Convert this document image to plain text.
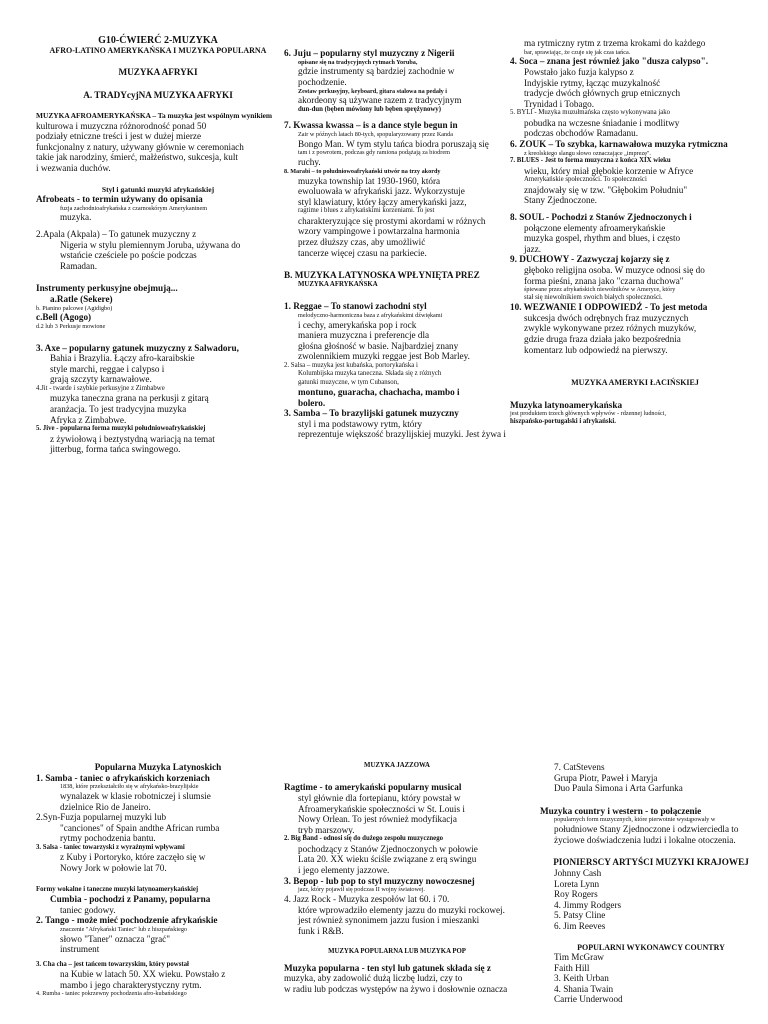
G10-ĆWIERĆ 2-MUZYKA

AFRO-LATINO AMERYKAŃSKA I MUZYKA POPULARNA

MUZYKA AFRYKI

A. TRADYcyjNA MUZYKA AFRYKI

MUZYKA AFROAMERYKAŃSKA – Ta muzyka jest wspólnym wynikiem

kulturowa i muzyczna różnorodność ponad 50

podziały etniczne treści i jest w dużej mierze

funkcjonalny z natury, używany głównie w ceremoniach

takie jak narodziny, śmierć, małżeństwo, sukcesja, kult

i wezwania duchów.

Styl i gatunki muzyki afrykańskiej

Afrobeats - to termin używany do opisania

fuzja zachodnioafrykańska z czarnoskórym Amerykaninem

muzyka.

2.Apala (Akpala) – To gatunek muzyczny z

Nigeria w stylu plemiennym Joruba, używana do

wstańcie cześciele po poście podczas

Ramadan.

Instrumenty perkusyjne obejmują...

a.Ratle (Sekere)

b. Pianino palcowe (Agidigbo)

c.Bell (Agogo)

d.2 lub 3 Perkusje mowione

3. Axe – popularny gatunek muzyczny z Salwadoru,

Bahia i Brazylia. Łączy afro-karaibskie

style marchi, reggae i calypso i

grają szczyty karnawałowe.

4.Jit - twarde i szybkie perkusyjne z Zimbabwe

muzyka taneczna grana na perkusji z gitarą

aranżacja. To jest tradycyjna muzyka

Afryka z Zimbabwe.

5. Jive - popularna forma muzyki południowoafrykańskiej

z żywiołową i beztystydną wariacją na temat

jitterbug, forma tańca swingowego.

6. Juju – popularny styl muzyczny z Nigerii

opisane się na tradycyjnych rytmach Yoruba,

gdzie instrumenty są bardziej zachodnie w

pochodzenie.

Zestaw perkusyjny, keyboard, gitara stalowa na pedały i

akordeony są używane razem z tradycyjnym

dun-dun (bęben mówiony lub bęben sprężynowy)

7. Kwassa kwassa – is a dance style begun in

Zair w późnych latach 80-tych, spopularyzowany przez Kanda

Bongo Man. W tym stylu tańca biodra poruszają się

tam i z powrotem, podczas gdy ramiona podążają za biodrem

ruchy.

8. Marabi – to południowoafrykański utwór na trzy akordy

muzyka township lat 1930-1960, która

ewoluowała w afrykański jazz. Wykorzystuje

styl klawiatury, który łączy amerykański jazz,

ragtime i blues z afrykańskimi korzeniami. To jest

charakteryzujące się prostymi akordami w różnych

wzory vampingowe i powtarzalna harmonia

przez dłuższy czas, aby umożliwić

tancerze więcej czasu na parkiecie.

B. MUZYKA LATYNOSKA WPŁYNIĘTA PREZ

MUZYKA AFRYKAŃSKA

1. Reggae – To stanowi zachodni styl

melodyczno-harmoniczna baza z afrykańskimi dźwiękami

i cechy, amerykańska pop i rock

maniera muzyczna i preferencje dla

głośna głośność w basie. Najbardziej znany

zwolennikiem muzyki reggae jest Bob Marley.

2. Salsa – muzyka jest kubańska, portorykańska i

Kolumbijska muzyka taneczna. Składa się z różnych

gatunki muzyczne, w tym Cubanson,

montuno, guaracha, chachacha, mambo i

bolero.

3. Samba – To brazylijski gatunek muzyczny

styl i ma podstawowy rytm, który

reprezentuje większość brazylijskiej muzyki. Jest żywa i

ma rytmiczny rytm z trzema krokami do każdego

bar, sprawiając, że czuje się jak czas tańca.

4. Soca – znana jest również jako "dusza calypso".

Powstało jako fuzja kalypso z

Indyjskie rytmy, łącząc muzykalność

tradycje dwóch głównych grup etnicznych

Trynidad i Tobago.

5. BYLI - Muzyka muzułmańska często wykonywana jako

pobudka na wczesne śniadanie i modlitwy

podczas obchodów Ramadanu.

6. ZOUK – To szybka, karnawałowa muzyka rytmiczna

z kreolskiego slangu słowo oznaczające „imprezę".

7. BLUES - Jest to forma muzyczna z końca XIX wieku

wieku, który miał głębokie korzenie w Afryce

Amerykańskie społeczności. To społeczności

znajdowały się w tzw. "Głębokim Południu"

Stany Zjednoczone.

8. SOUL - Pochodzi z Stanów Zjednoczonych i

połączone elementy afroamerykańskie

muzyka gospel, rhythm and blues, i często

jazz.

9. DUCHOWY - Zazwyczaj kojarzy się z

głęboko religijna osoba. W muzyce odnosi się do

forma pieśni, znana jako "czarna duchowa"

śpiewane przez afrykańskich niewolników w Ameryce, który

stał się niewolnikiem swoich białych społeczności.

10. WEZWANIE I ODPOWIEDŹ - To jest metoda

sukcesja dwóch odrębnych fraz muzycznych

zwykle wykonywane przez różnych muzyków,

gdzie druga fraza działa jako bezpośrednia

komentarz lub odpowiedź na pierwszy.

MUZYKA AMERYKI ŁACIŃSKIEJ

Muzyka latynoamerykańska

jest produktem trzech głównych wpływów - rdzennej ludności,

hiszpańsko-portugalski i afrykański.

Popularna Muzyka Latynoskich

1. Samba - taniec o afrykańskich korzeniach

1838, które przekształciło się w afrykańsko-brazylijskie

wynalazek w klasie robotniczej i slumsie

dzielnice Rio de Janeiro.

2.Syn-Fuzja popularnej muzyki lub

"canciones" of Spain andthe African rumba

rytmy pochodzenia bantu.

3. Salsa - taniec towarzyski z wyraźnymi wpływami

z Kuby i Portoryko, które zaczęło się w

Nowy Jork w połowie lat 70.

Formy wokalne i taneczne muzyki latynoamerykańskiej

Cumbia - pochodzi z Panamy, popularna

taniec godowy.

2. Tango - może mieć pochodzenie afrykańskie

znaczenie "Afrykański Taniec" lub z hiszpańskiego

słowo "Taner" oznacza "grać"

instrument

3. Cha cha – jest tańcem towarzyskim, który powstał

na Kubie w latach 50. XX wieku. Powstało z

mambo i jego charakterystyczny rytm.

4. Rumba - taniec pokrzewny pochodzenia afro-kubańskiego

MUZYKA JAZZOWA

Ragtime - to amerykański popularny musical

styl głównie dla fortepianu, który powstał w

Afroamerykańskie społeczności w St. Louis i

Nowy Orlean. To jest również modyfikacja

tryb marszowy.

2. Big Band - odnosi się do dużego zespołu muzycznego

pochodzący z Stanów Zjednoczonych w połowie

Lata 20. XX wieku ściśle związane z erą swingu

i jego elementy jazzowe.

3. Bepop - lub pop to styl muzyczny nowoczesnej

jazz, który pojawił się podczas II wojny światowej.

4. Jazz Rock - Muzyka zespołów lat 60. i 70.

które wprowadziło elementy jazzu do muzyki rockowej.

jest również synonimem jazzu fusion i mieszanki

funk i R&B.

MUZYKA POPULARNA LUB MUZYKA POP

Muzyka popularna - ten styl lub gatunek składa się z

muzyka, aby zadowolić dużą liczbę ludzi, czy to

w radiu lub podczas występów na żywo i dosłownie oznacza

7. CatStevens

Grupa Piotr, Paweł i Maryja

Duo Paula Simona i Arta Garfunka

Muzyka country i western - to połączenie

popularnych form muzycznych, które pierwotnie wystąpowały w

południowe Stany Zjednoczone i odzwierciedla to

życiowe doświadczenia ludzi i lokalne otoczenia.

PIONIERSCY ARTYŚCI MUZYKI KRAJOWEJ

Johnny Cash

Loreta Lynn

Roy Rogers

4. Jimmy Rodgers

5. Patsy Cline

6. Jim Reeves

POPULARNI WYKONAWCY COUNTRY

Tim McGraw

Faith Hill

3. Keith Urban

4. Shania Twain

Carrie Underwood
